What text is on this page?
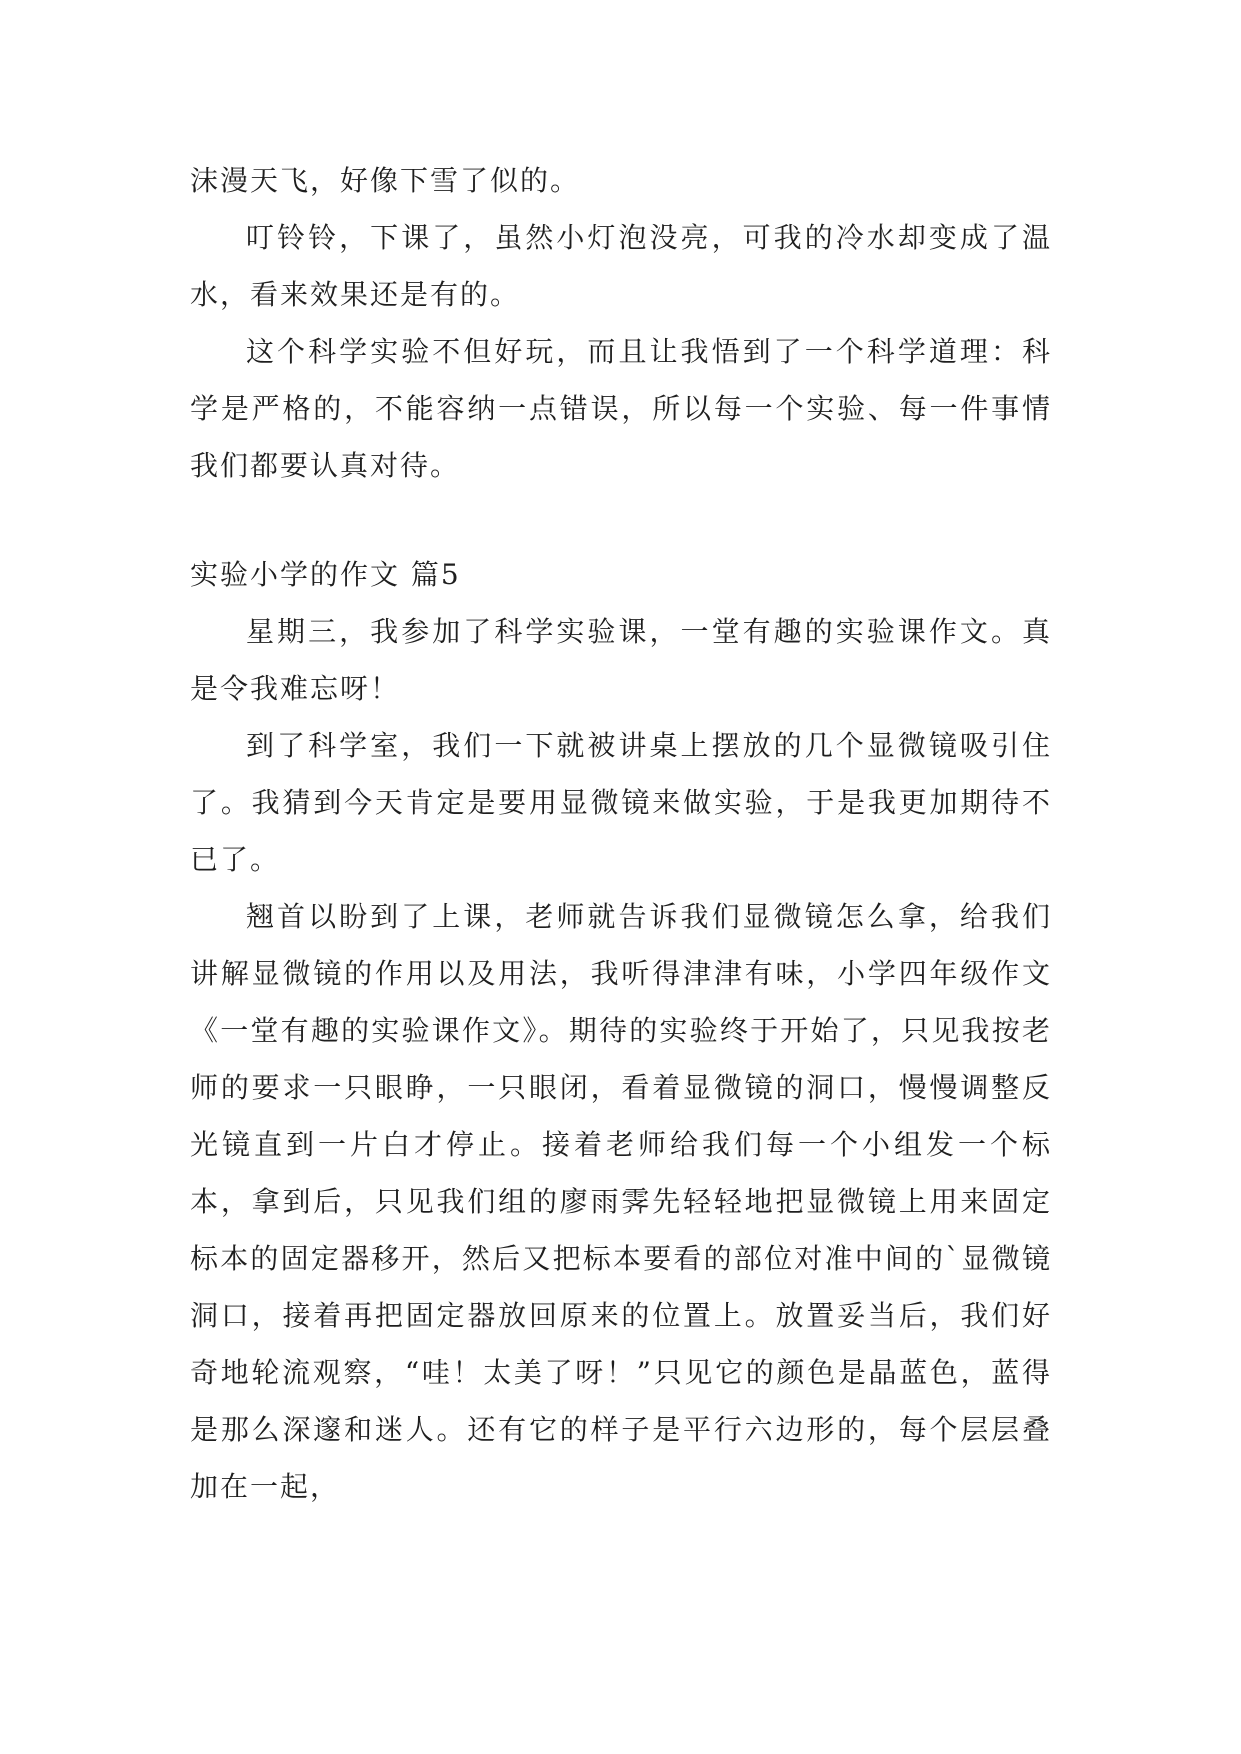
沫漫天飞，好像下雪了似的。

叮铃铃，下课了，虽然小灯泡没亮，可我的冷水却变成了温水，看来效果还是有的。

这个科学实验不但好玩，而且让我悟到了一个科学道理：科学是严格的，不能容纳一点错误，所以每一个实验、每一件事情我们都要认真对待。

实验小学的作文 篇5

星期三，我参加了科学实验课，一堂有趣的实验课作文。真是令我难忘呀！

到了科学室，我们一下就被讲桌上摆放的几个显微镜吸引住了。我猜到今天肯定是要用显微镜来做实验，于是我更加期待不已了。

翘首以盼到了上课，老师就告诉我们显微镜怎么拿，给我们讲解显微镜的作用以及用法，我听得津津有味，小学四年级作文《一堂有趣的实验课作文》。期待的实验终于开始了，只见我按老师的要求一只眼睁，一只眼闭，看着显微镜的洞口，慢慢调整反光镜直到一片白才停止。接着老师给我们每一个小组发一个标本，拿到后，只见我们组的廖雨霁先轻轻地把显微镜上用来固定标本的固定器移开，然后又把标本要看的部位对准中间的`显微镜洞口，接着再把固定器放回原来的位置上。放置妥当后，我们好奇地轮流观察，“哇！太美了呀！”只见它的颜色是晶蓝色，蓝得是那么深邃和迷人。还有它的样子是平行六边形的，每个层层叠加在一起，
